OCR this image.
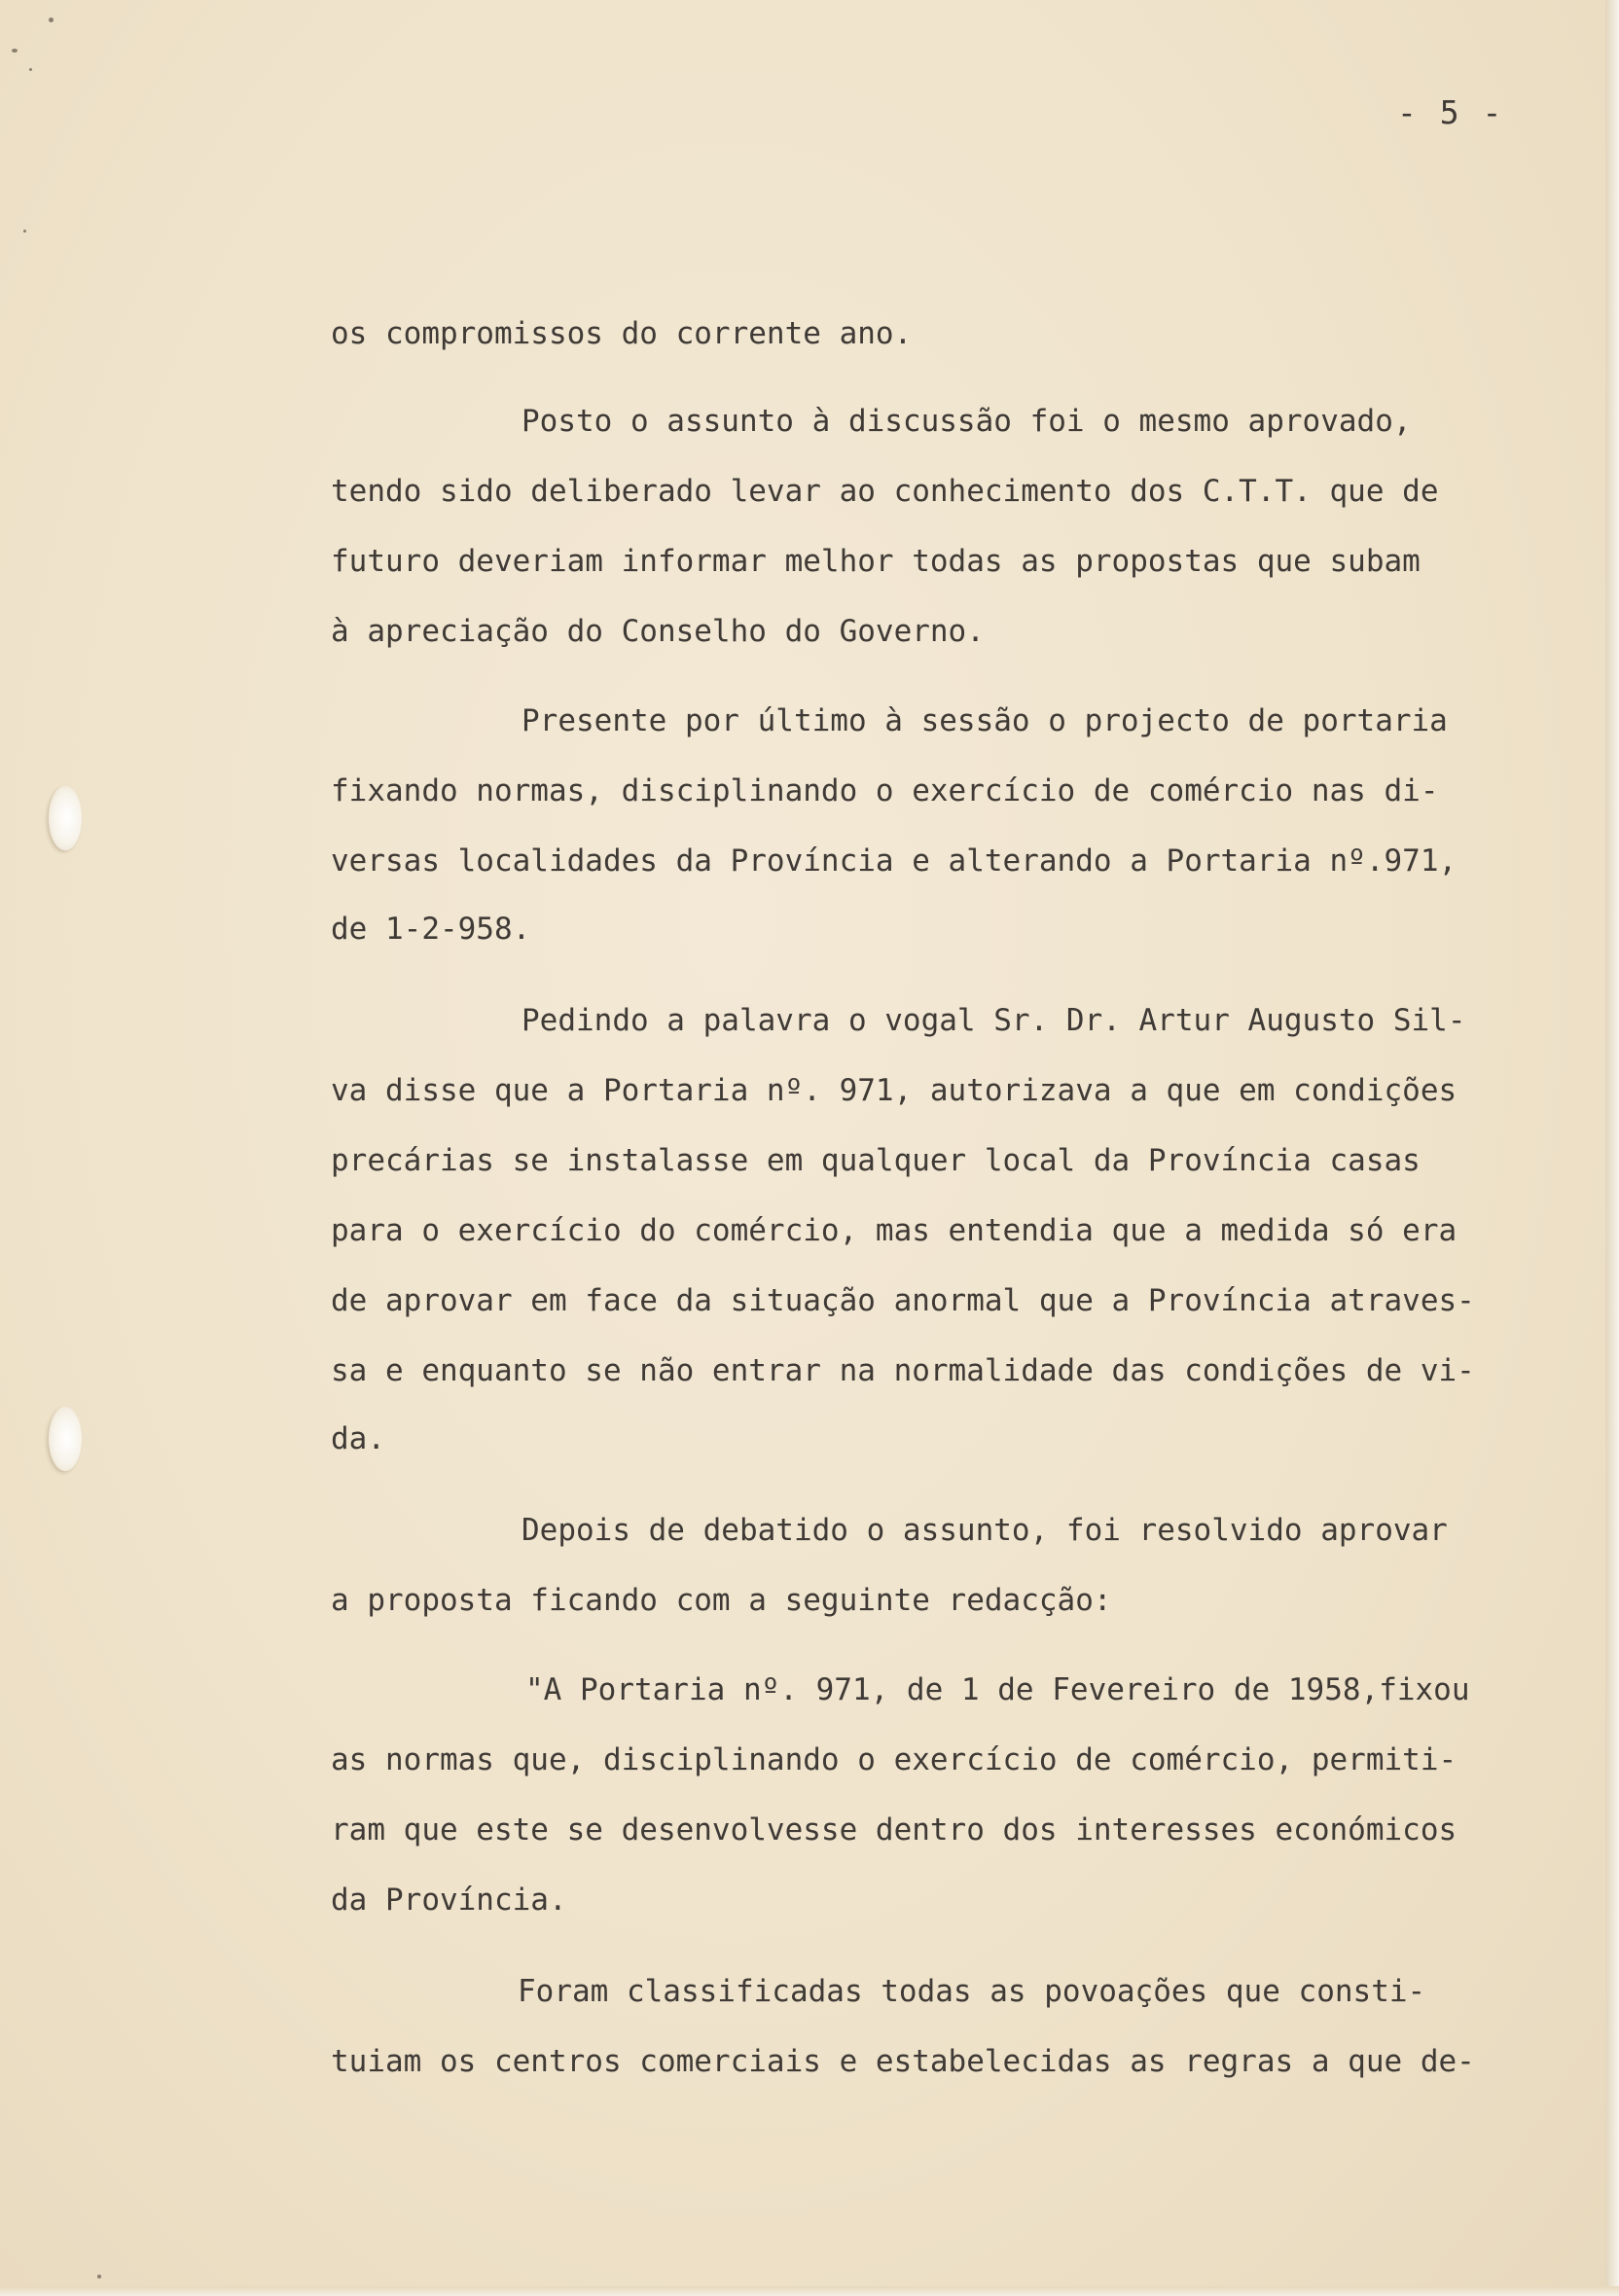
- 5 -

os compromissos do corrente ano.

Posto o assunto à discussão foi o mesmo aprovado,

tendo sido deliberado levar ao conhecimento dos C.T.T. que de

futuro deveriam informar melhor todas as propostas que subam

à apreciação do Conselho do Governo.

Presente por último à sessão o projecto de portaria

fixando normas, disciplinando o exercício de comércio nas di-

versas localidades da Província e alterando a Portaria nº.971,

de 1-2-958.

Pedindo a palavra o vogal Sr. Dr. Artur Augusto Sil-

va disse que a Portaria nº. 971, autorizava a que em condições

precárias se instalasse em qualquer local da Província casas

para o exercício do comércio, mas entendia que a medida só era

de aprovar em face da situação anormal que a Província atraves-

sa e enquanto se não entrar na normalidade das condições de vi-

da.

Depois de debatido o assunto, foi resolvido aprovar

a proposta ficando com a seguinte redacção:

"A Portaria nº. 971, de 1 de Fevereiro de 1958,fixou

as normas que, disciplinando o exercício de comércio, permiti-

ram que este se desenvolvesse dentro dos interesses económicos

da Província.

Foram classificadas todas as povoações que consti-

tuiam os centros comerciais e estabelecidas as regras a que de-
